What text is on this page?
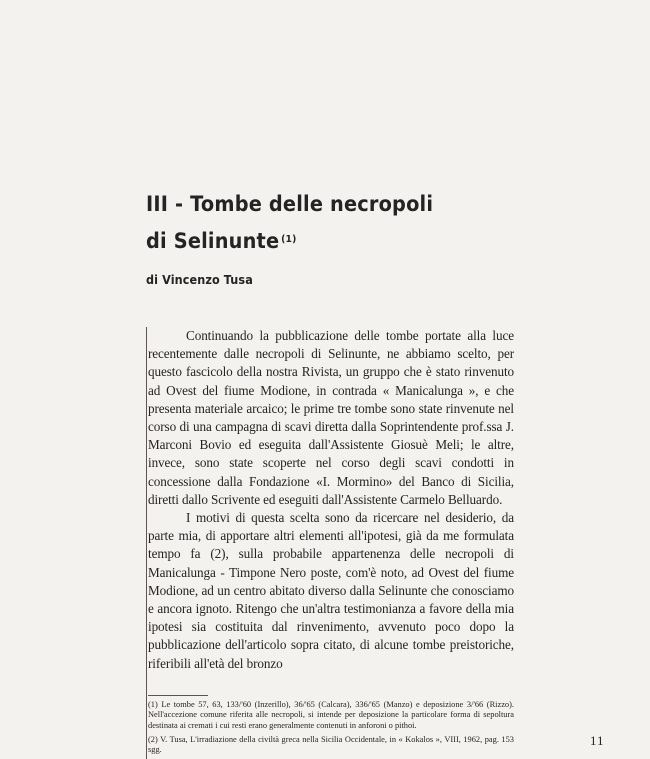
III - Tombe delle necropoli
di Selinunte $^{(1)}$
di Vincenzo Tusa

Continuando la pubblicazione delle tombe portate alla luce recentemente dalle necropoli di Selinunte, ne abbiamo scelto, per questo fascicolo della nostra Rivista, un gruppo che è stato rinvenuto ad Ovest del fiume Modione, in contrada « Manicalunga », e che presenta materiale arcaico; le prime tre tombe sono state rinvenute nel corso di una campagna di scavi diretta dalla Soprintendente prof.ssa J. Marconi Bovio ed eseguita dall'Assistente Giosuè Meli; le altre, invece, sono state scoperte nel corso degli scavi condotti in concessione dalla Fondazione «I. Mormino» del Banco di Sicilia, diretti dallo Scrivente ed eseguiti dall'Assistente Carmelo Belluardo.

I motivi di questa scelta sono da ricercare nel desiderio, da parte mia, di apportare altri elementi all'ipotesi, già da me formulata tempo fa (2), sulla probabile appartenenza delle necropoli di Manicalunga - Timpone Nero poste, com'è noto, ad Ovest del fiume Modione, ad un centro abitato diverso dalla Selinunte che conosciamo e ancora ignoto. Ritengo che un'altra testimonianza a favore della mia ipotesi sia costituita dal rinvenimento, avvenuto poco dopo la pubblicazione dell'articolo sopra citato, di alcune tombe preistoriche, riferibili all'età del bronzo

(1) Le tombe 57, 63, 133/'60 (Inzerillo), 36/'65 (Calcara), 336/'65 (Manzo) e deposizione 3/'66 (Rizzo). Nell'accezione comune riferita alle necropoli, si intende per deposizione la particolare forma di sepoltura destinata ai cremati i cui resti erano generalmente contenuti in anforoni o pithoi.

(2) V. Tusa, L'irradiazione della civiltà greca nella Sicilia Occidentale, in « Kokalos », VIII, 1962, pag. 153 sgg.

11
